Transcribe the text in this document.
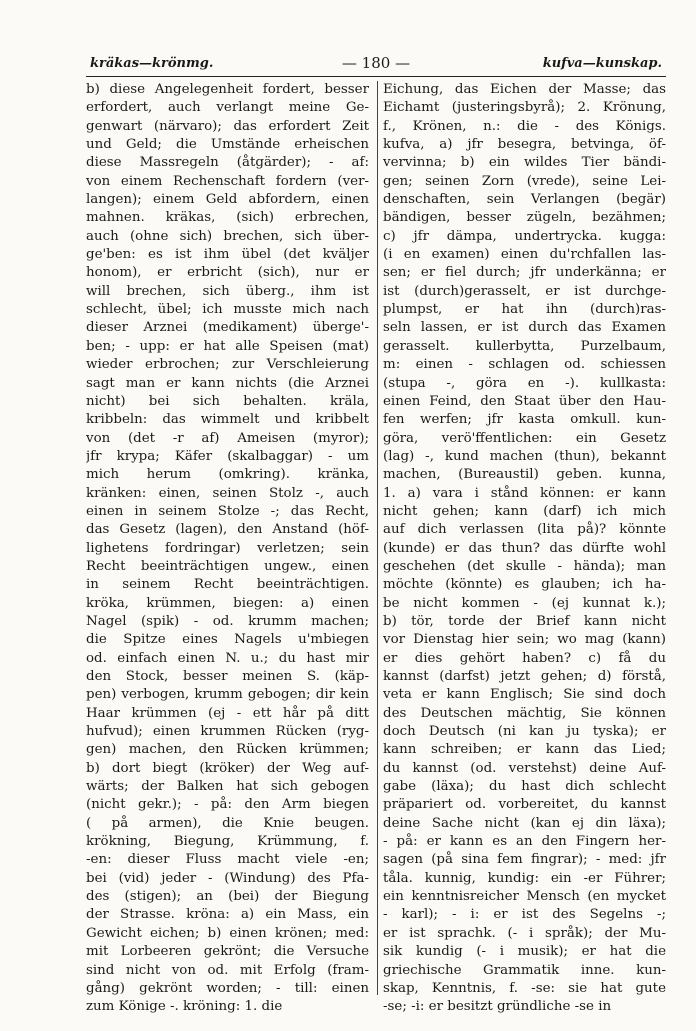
kräkas—krönmg.	— 180 —	kufva—kunskap.
b) diese Angelegenheit fordert, besser
erfordert, auch verlangt meine Ge-
genwart (närvaro); das erfordert Zeit
und Geld; die Umstände erheischen
diese Massregeln (åtgärder); - af:
von einem Rechenschaft fordern (ver-
langen); einem Geld abfordern, einen
mahnen. kräkas, (sich) erbrechen,
auch (ohne sich) brechen, sich über-
ge'ben: es ist ihm übel (det kväljer
honom), er erbricht (sich), nur er
will brechen, sich überg., ihm ist
schlecht, übel; ich musste mich nach
dieser Arznei (medikament) überge'-
ben; - upp: er hat alle Speisen (mat)
wieder erbrochen; zur Verschleierung
sagt man er kann nichts (die Arznei
nicht) bei sich behalten. kräla,
kribbeln: das wimmelt und kribbelt
von (det -r af) Ameisen (myror);
jfr krypa; Käfer (skalbaggar) - um
mich herum (omkring). kränka,
kränken: einen, seinen Stolz -, auch
einen in seinem Stolze -; das Recht,
das Gesetz (lagen), den Anstand (höf-
lighetens fordringar) verletzen; sein
Recht beeinträchtigen ungew., einen
in seinem Recht beeinträchtigen.
kröka, krümmen, biegen: a) einen
Nagel (spik) - od. krumm machen;
die Spitze eines Nagels u'mbiegen
od. einfach einen N. u.; du hast mir
den Stock, besser meinen S. (käp-
pen) verbogen, krumm gebogen; dir kein
Haar krümmen (ej - ett hår på ditt
hufvud); einen krummen Rücken (ryg-
gen) machen, den Rücken krümmen;
b) dort biegt (kröker) der Weg auf-
wärts; der Balken hat sich gebogen
(nicht gekr.); - på: den Arm biegen
( på armen), die Knie beugen.
krökning, Biegung, Krümmung, f.
-en: dieser Fluss macht viele -en;
bei (vid) jeder - (Windung) des Pfa-
des (stigen); an (bei) der Biegung
der Strasse. kröna: a) ein Mass, ein
Gewicht eichen; b) einen krönen; med:
mit Lorbeeren gekrönt; die Versuche
sind nicht von od. mit Erfolg (fram-
gång) gekrönt worden; - till: einen
zum Könige -. kröning: 1. die
Eichung, das Eichen der Masse; das
Eichamt (justeringsbyrå); 2. Krönung,
f., Krönen, n.: die - des Königs.
kufva, a) jfr besegra, betvinga, öf-
vervinna; b) ein wildes Tier bändi-
gen; seinen Zorn (vrede), seine Lei-
denschaften, sein Verlangen (begär)
bändigen, besser zügeln, bezähmen;
c) jfr dämpa, undertrycka. kugga:
(i en examen) einen du'rchfallen las-
sen; er fiel durch; jfr underkänna; er
ist (durch)gerasselt, er ist durchge-
plumpst, er hat ihn (durch)ras-
seln lassen, er ist durch das Examen
gerasselt. kullerbytta, Purzelbaum,
m: einen - schlagen od. schiessen
(stupa -, göra en -). kullkasta:
einen Feind, den Staat über den Hau-
fen werfen; jfr kasta omkull. kun-
göra, verö'ffentlichen: ein Gesetz
(lag) -, kund machen (thun), bekannt
machen, (Bureaustil) geben. kunna,
1. a) vara i stånd können: er kann
nicht gehen; kann (darf) ich mich
auf dich verlassen (lita på)? könnte
(kunde) er das thun? das dürfte wohl
geschehen (det skulle - hända); man
möchte (könnte) es glauben; ich ha-
be nicht kommen - (ej kunnat k.);
b) tör, torde der Brief kann nicht
vor Dienstag hier sein; wo mag (kann)
er dies gehört haben? c) få du
kannst (darfst) jetzt gehen; d) förstå,
veta er kann Englisch; Sie sind doch
des Deutschen mächtig, Sie können
doch Deutsch (ni kan ju tyska); er
kann schreiben; er kann das Lied;
du kannst (od. verstehst) deine Auf-
gabe (läxa); du hast dich schlecht
präpariert od. vorbereitet, du kannst
deine Sache nicht (kan ej din läxa);
- på: er kann es an den Fingern her-
sagen (på sina fem fingrar); - med: jfr
tåla. kunnig, kundig: ein -er Führer;
ein kenntnisreicher Mensch (en mycket
- karl); - i: er ist des Segelns -;
er ist sprachk. (- i språk); der Mu-
sik kundig (- i musik); er hat die
griechische Grammatik inne. kun-
skap, Kenntnis, f. -se: sie hat gute
-se; -i: er besitzt gründliche -se in
